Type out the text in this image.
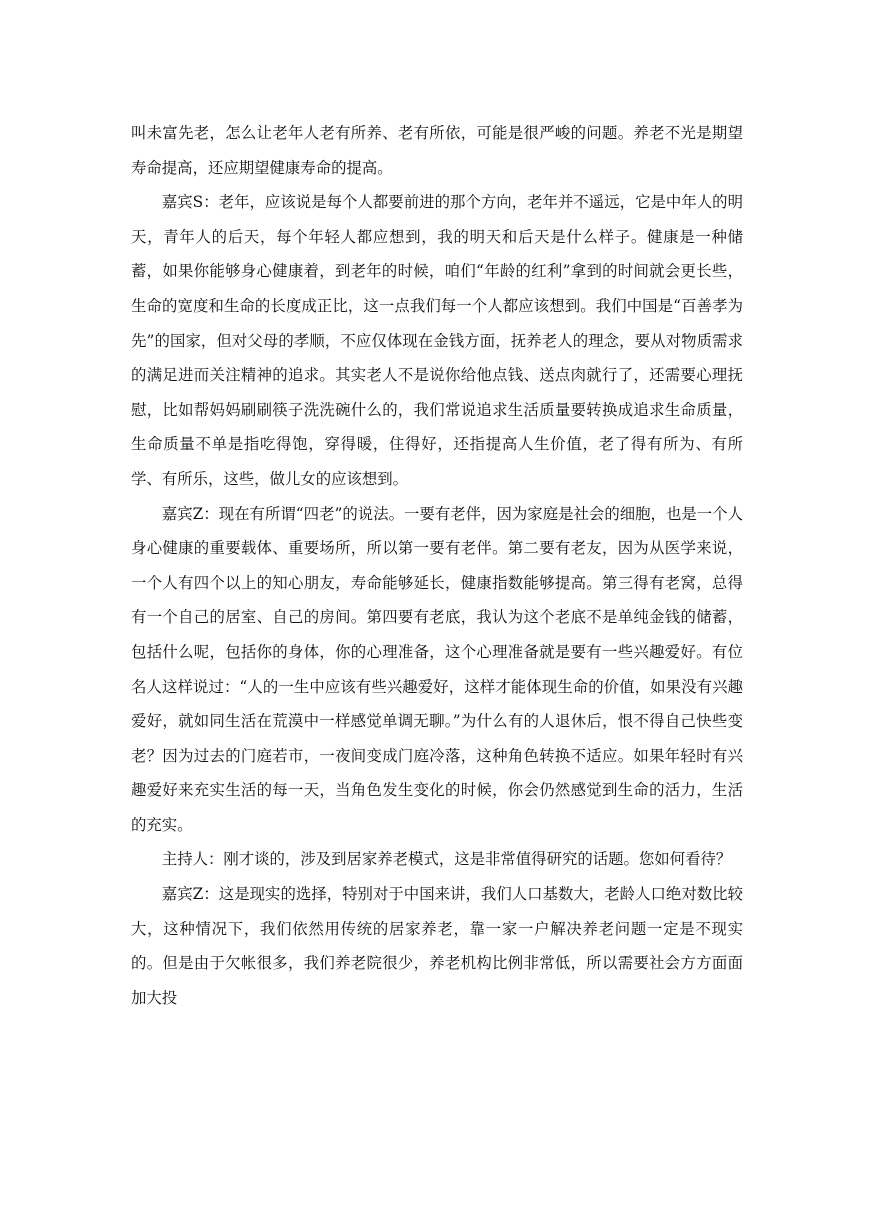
叫未富先老，怎么让老年人老有所养、老有所依，可能是很严峻的问题。养老不光是期望寿命提高，还应期望健康寿命的提高。

嘉宾S：老年，应该说是每个人都要前进的那个方向，老年并不遥远，它是中年人的明天，青年人的后天，每个年轻人都应想到，我的明天和后天是什么样子。健康是一种储蓄，如果你能够身心健康着，到老年的时候，咱们“年龄的红利”拿到的时间就会更长些，生命的宽度和生命的长度成正比，这一点我们每一个人都应该想到。我们中国是“百善孝为先”的国家，但对父母的孝顺，不应仅体现在金钱方面，抚养老人的理念，要从对物质需求的满足进而关注精神的追求。其实老人不是说你给他点钱、送点肉就行了，还需要心理抚慰，比如帮妈妈刷刷筷子洗洗碗什么的，我们常说追求生活质量要转换成追求生命质量，生命质量不单是指吃得饱，穿得暖，住得好，还指提高人生价值，老了得有所为、有所学、有所乐，这些，做儿女的应该想到。

嘉宾Z：现在有所谓“四老”的说法。一要有老伴，因为家庭是社会的细胞，也是一个人身心健康的重要载体、重要场所，所以第一要有老伴。第二要有老友，因为从医学来说，一个人有四个以上的知心朋友，寿命能够延长，健康指数能够提高。第三得有老窝，总得有一个自己的居室、自己的房间。第四要有老底，我认为这个老底不是单纯金钱的储蓄，包括什么呢，包括你的身体，你的心理准备，这个心理准备就是要有一些兴趣爱好。有位名人这样说过：“人的一生中应该有些兴趣爱好，这样才能体现生命的价值，如果没有兴趣爱好，就如同生活在荒漠中一样感觉单调无聊。”为什么有的人退休后，恨不得自己快些变老？因为过去的门庭若市，一夜间变成门庭冷落，这种角色转换不适应。如果年轻时有兴趣爱好来充实生活的每一天，当角色发生变化的时候，你会仍然感觉到生命的活力，生活的充实。

主持人：刚才谈的，涉及到居家养老模式，这是非常值得研究的话题。您如何看待？

嘉宾Z：这是现实的选择，特别对于中国来讲，我们人口基数大，老龄人口绝对数比较大，这种情况下，我们依然用传统的居家养老，靠一家一户解决养老问题一定是不现实的。但是由于欠帐很多，我们养老院很少，养老机构比例非常低，所以需要社会方方面面加大投
